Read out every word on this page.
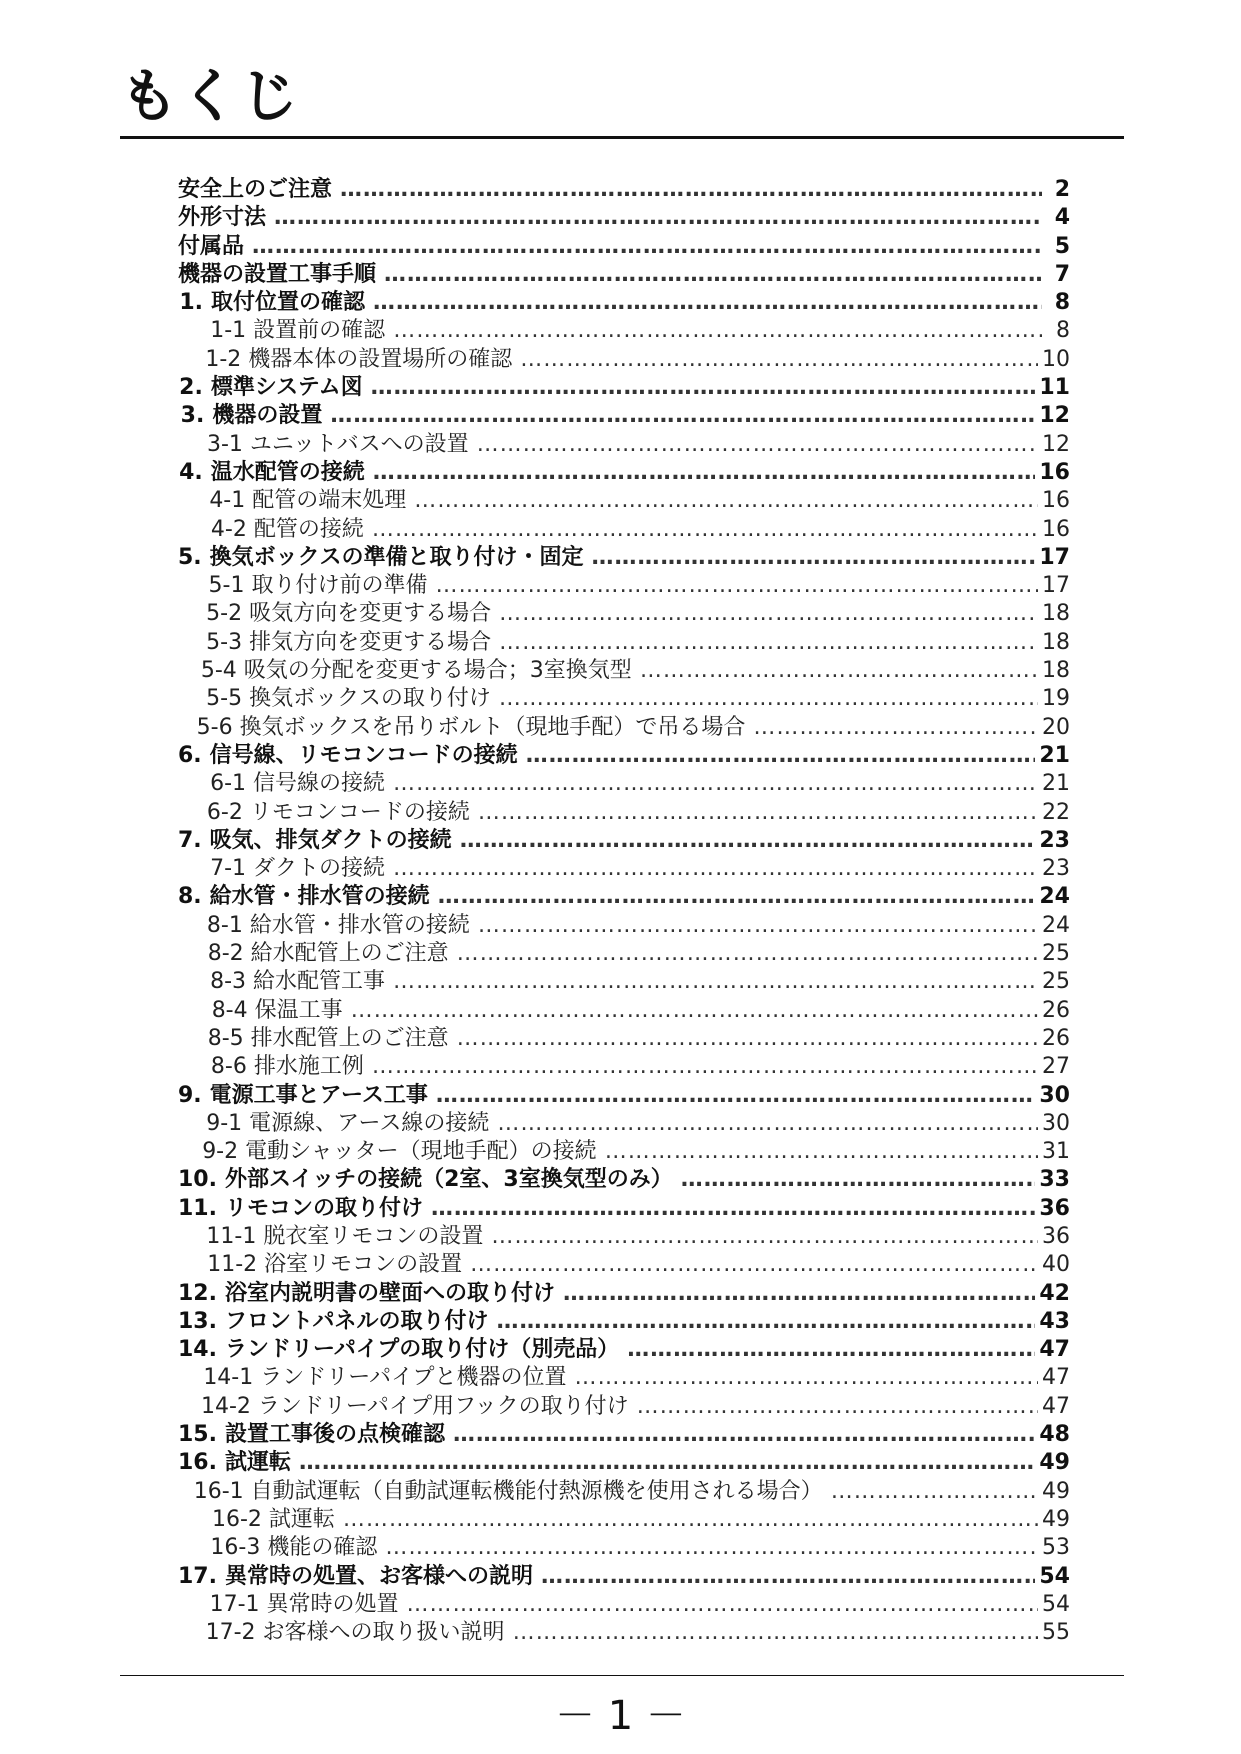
もくじ
安全上のご注意 …………………………………………………………………………………………………………………………………………………………………………	2
外形寸法 …………………………………………………………………………………………………………………………………………………………………………	4
付属品 …………………………………………………………………………………………………………………………………………………………………………	5
機器の設置工事手順 …………………………………………………………………………………………………………………………………………………………………………	7
1. 取付位置の確認 …………………………………………………………………………………………………………………………………………………………………………	8
1-1 設置前の確認 …………………………………………………………………………………………………………………………………………………………………………	8
1-2 機器本体の設置場所の確認 …………………………………………………………………………………………………………………………………………………………………………	10
2. 標準システム図 …………………………………………………………………………………………………………………………………………………………………………	11
3. 機器の設置 …………………………………………………………………………………………………………………………………………………………………………	12
3-1 ユニットバスへの設置 …………………………………………………………………………………………………………………………………………………………………………	12
4. 温水配管の接続 …………………………………………………………………………………………………………………………………………………………………………	16
4-1 配管の端末処理 …………………………………………………………………………………………………………………………………………………………………………	16
4-2 配管の接続 …………………………………………………………………………………………………………………………………………………………………………	16
5. 換気ボックスの準備と取り付け・固定 …………………………………………………………………………………………………………………………………………………………………………	17
5-1 取り付け前の準備 …………………………………………………………………………………………………………………………………………………………………………	17
5-2 吸気方向を変更する場合 …………………………………………………………………………………………………………………………………………………………………………	18
5-3 排気方向を変更する場合 …………………………………………………………………………………………………………………………………………………………………………	18
5-4 吸気の分配を変更する場合；3室換気型 …………………………………………………………………………………………………………………………………………………………………………	18
5-5 換気ボックスの取り付け …………………………………………………………………………………………………………………………………………………………………………	19
5-6 換気ボックスを吊りボルト（現地手配）で吊る場合 …………………………………………………………………………………………………………………………………………………………………………	20
6. 信号線、リモコンコードの接続 …………………………………………………………………………………………………………………………………………………………………………	21
6-1 信号線の接続 …………………………………………………………………………………………………………………………………………………………………………	21
6-2 リモコンコードの接続 …………………………………………………………………………………………………………………………………………………………………………	22
7. 吸気、排気ダクトの接続 …………………………………………………………………………………………………………………………………………………………………………	23
7-1 ダクトの接続 …………………………………………………………………………………………………………………………………………………………………………	23
8. 給水管・排水管の接続 …………………………………………………………………………………………………………………………………………………………………………	24
8-1 給水管・排水管の接続 …………………………………………………………………………………………………………………………………………………………………………	24
8-2 給水配管上のご注意 …………………………………………………………………………………………………………………………………………………………………………	25
8-3 給水配管工事 …………………………………………………………………………………………………………………………………………………………………………	25
8-4 保温工事 …………………………………………………………………………………………………………………………………………………………………………	26
8-5 排水配管上のご注意 …………………………………………………………………………………………………………………………………………………………………………	26
8-6 排水施工例 …………………………………………………………………………………………………………………………………………………………………………	27
9. 電源工事とアース工事 …………………………………………………………………………………………………………………………………………………………………………	30
9-1 電源線、アース線の接続 …………………………………………………………………………………………………………………………………………………………………………	30
9-2 電動シャッター（現地手配）の接続 …………………………………………………………………………………………………………………………………………………………………………	31
10. 外部スイッチの接続（2室、3室換気型のみ） …………………………………………………………………………………………………………………………………………………………………………	33
11. リモコンの取り付け …………………………………………………………………………………………………………………………………………………………………………	36
11-1 脱衣室リモコンの設置 …………………………………………………………………………………………………………………………………………………………………………	36
11-2 浴室リモコンの設置 …………………………………………………………………………………………………………………………………………………………………………	40
12. 浴室内説明書の壁面への取り付け …………………………………………………………………………………………………………………………………………………………………………	42
13. フロントパネルの取り付け …………………………………………………………………………………………………………………………………………………………………………	43
14. ランドリーパイプの取り付け（別売品） …………………………………………………………………………………………………………………………………………………………………………	47
14-1 ランドリーパイプと機器の位置 …………………………………………………………………………………………………………………………………………………………………………	47
14-2 ランドリーパイプ用フックの取り付け …………………………………………………………………………………………………………………………………………………………………………	47
15. 設置工事後の点検確認 …………………………………………………………………………………………………………………………………………………………………………	48
16. 試運転 …………………………………………………………………………………………………………………………………………………………………………	49
16-1 自動試運転（自動試運転機能付熱源機を使用される場合） …………………………………………………………………………………………………………………………………………………………………………	49
16-2 試運転 …………………………………………………………………………………………………………………………………………………………………………	49
16-3 機能の確認 …………………………………………………………………………………………………………………………………………………………………………	53
17. 異常時の処置、お客様への説明 …………………………………………………………………………………………………………………………………………………………………………	54
17-1 異常時の処置 …………………………………………………………………………………………………………………………………………………………………………	54
17-2 お客様への取り扱い説明 …………………………………………………………………………………………………………………………………………………………………………	55
－ 1 －
